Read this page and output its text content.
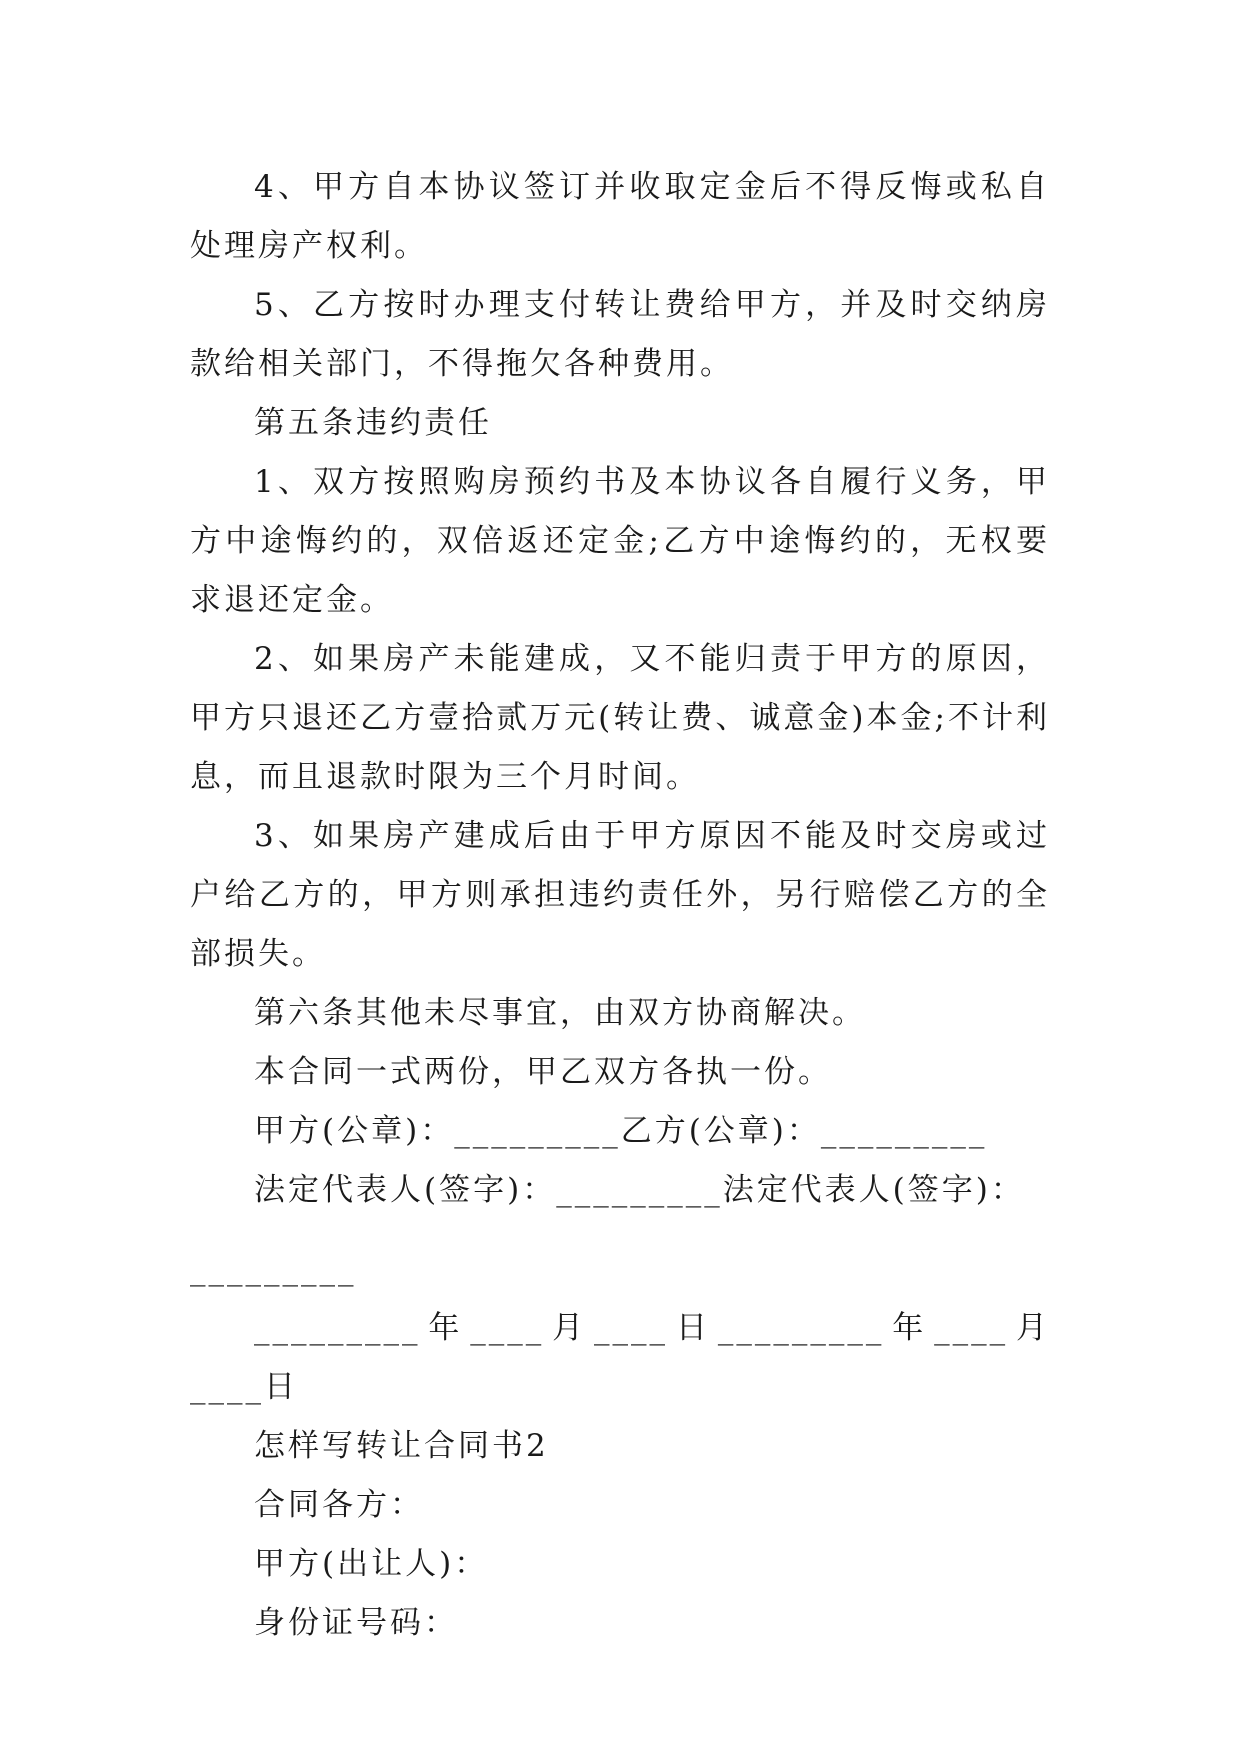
4、甲方自本协议签订并收取定金后不得反悔或私自处理房产权利。

5、乙方按时办理支付转让费给甲方，并及时交纳房款给相关部门，不得拖欠各种费用。

第五条违约责任

1、双方按照购房预约书及本协议各自履行义务，甲方中途悔约的，双倍返还定金;乙方中途悔约的，无权要求退还定金。

2、如果房产未能建成，又不能归责于甲方的原因，甲方只退还乙方壹拾贰万元(转让费、诚意金)本金;不计利息，而且退款时限为三个月时间。

3、如果房产建成后由于甲方原因不能及时交房或过户给乙方的，甲方则承担违约责任外，另行赔偿乙方的全部损失。

第六条其他未尽事宜，由双方协商解决。

本合同一式两份，甲乙双方各执一份。

甲方(公章)：_________乙方(公章)：_________

法定代表人(签字)：_________法定代表人(签字)：

_________

_________年____月____日_________年____月____日

怎样写转让合同书2

合同各方：

甲方(出让人)：

身份证号码：
